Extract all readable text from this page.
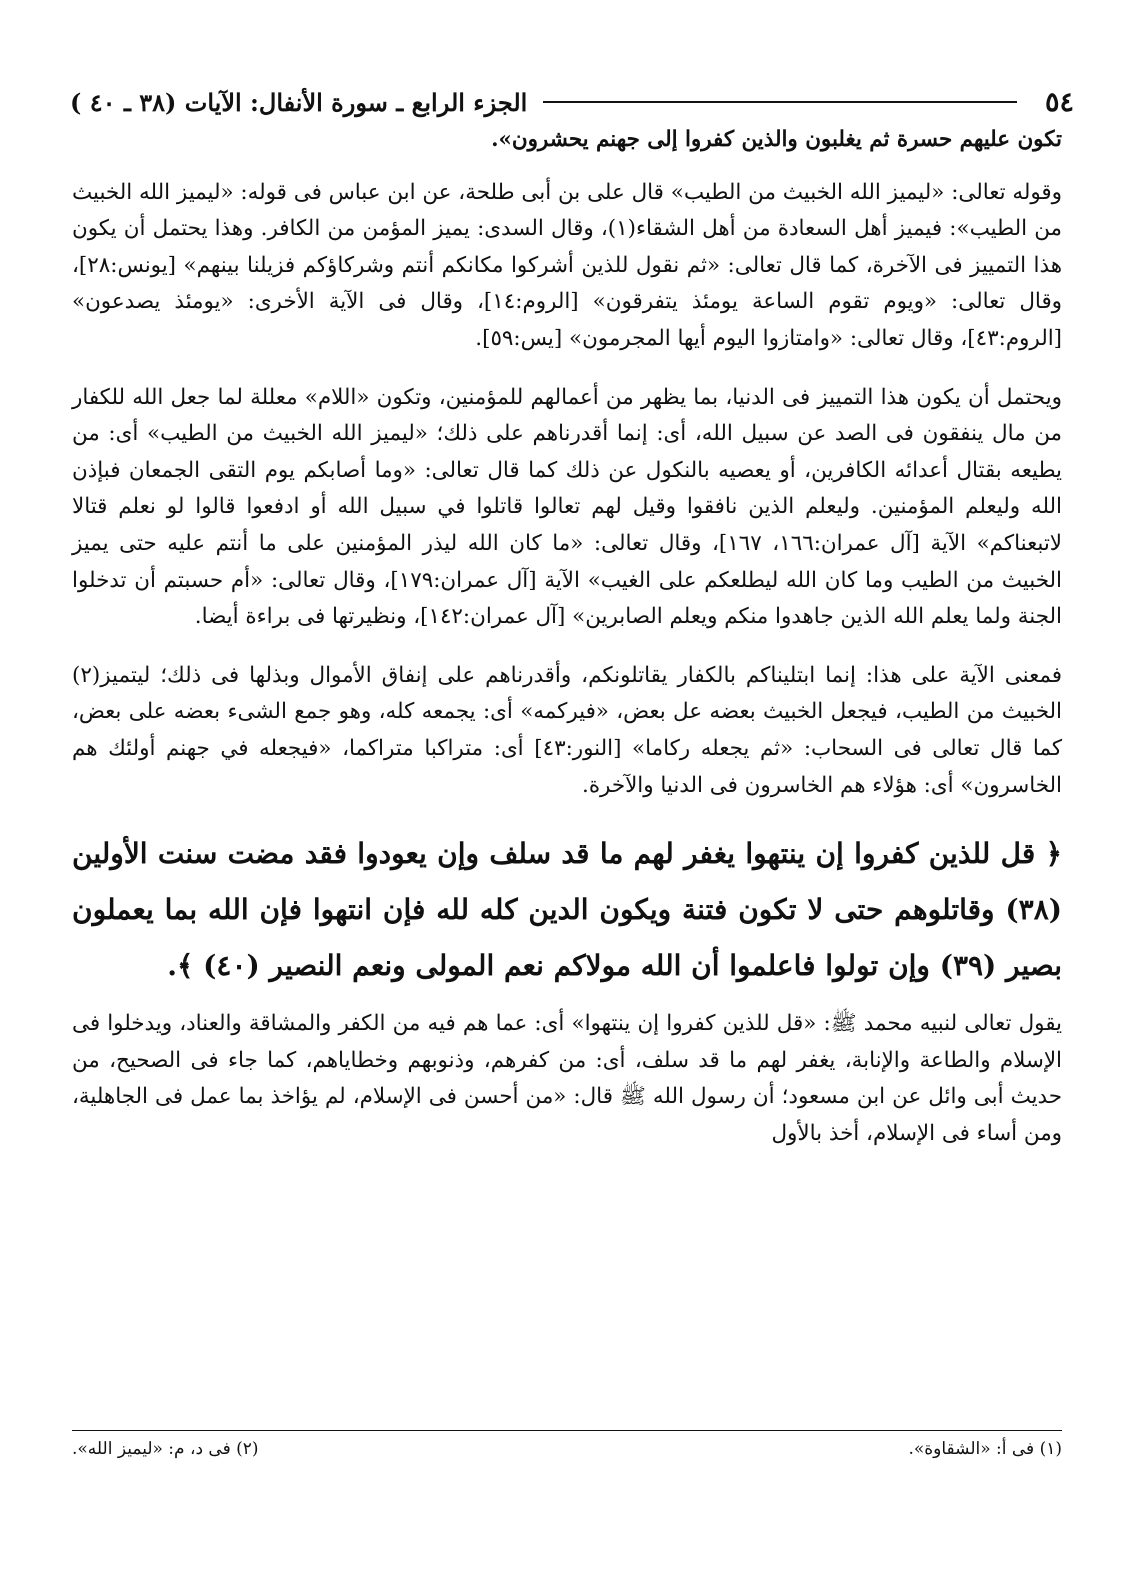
٥٤
الجزء الرابع ـ سورة الأنفال: الآيات (٣٨ ـ ٤٠ )

تكون عليهم حسرة ثم يغلبون والذين كفروا إلى جهنم يحشرون».

وقوله تعالى: «ليميز الله الخبيث من الطيب» قال على بن أبى طلحة، عن ابن عباس فى قوله: «ليميز الله الخبيث من الطيب»: فيميز أهل السعادة من أهل الشقاء(١)، وقال السدى: يميز المؤمن من الكافر. وهذا يحتمل أن يكون هذا التمييز فى الآخرة، كما قال تعالى: «ثم نقول للذين أشركوا مكانكم أنتم وشركاؤكم فزيلنا بينهم» [يونس:٢٨]، وقال تعالى: «ويوم تقوم الساعة يومئذ يتفرقون» [الروم:١٤]، وقال فى الآية الأخرى: «يومئذ يصدعون» [الروم:٤٣]، وقال تعالى: «وامتازوا اليوم أيها المجرمون» [يس:٥٩].

ويحتمل أن يكون هذا التمييز فى الدنيا، بما يظهر من أعمالهم للمؤمنين، وتكون «اللام» معللة لما جعل الله للكفار من مال ينفقون فى الصد عن سبيل الله، أى: إنما أقدرناهم على ذلك؛ «ليميز الله الخبيث من الطيب» أى: من يطيعه بقتال أعدائه الكافرين، أو يعصيه بالنكول عن ذلك كما قال تعالى: «وما أصابكم يوم التقى الجمعان فبإذن الله وليعلم المؤمنين. وليعلم الذين نافقوا وقيل لهم تعالوا قاتلوا في سبيل الله أو ادفعوا قالوا لو نعلم قتالا لاتبعناكم» الآية [آل عمران:١٦٦، ١٦٧]، وقال تعالى: «ما كان الله ليذر المؤمنين على ما أنتم عليه حتى يميز الخبيث من الطيب وما كان الله ليطلعكم على الغيب» الآية [آل عمران:١٧٩]، وقال تعالى: «أم حسبتم أن تدخلوا الجنة ولما يعلم الله الذين جاهدوا منكم ويعلم الصابرين» [آل عمران:١٤٢]، ونظيرتها فى براءة أيضا.

فمعنى الآية على هذا: إنما ابتليناكم بالكفار يقاتلونكم، وأقدرناهم على إنفاق الأموال وبذلها فى ذلك؛ ليتميز(٢) الخبيث من الطيب، فيجعل الخبيث بعضه عل بعض، «فيركمه» أى: يجمعه كله، وهو جمع الشىء بعضه على بعض، كما قال تعالى فى السحاب: «ثم يجعله ركاما» [النور:٤٣] أى: متراكبا متراكما، «فيجعله في جهنم أولئك هم الخاسرون» أى: هؤلاء هم الخاسرون فى الدنيا والآخرة.

﴿ قل للذين كفروا إن ينتهوا يغفر لهم ما قد سلف وإن يعودوا فقد مضت سنت الأولين (٣٨) وقاتلوهم حتى لا تكون فتنة ويكون الدين كله لله فإن انتهوا فإن الله بما يعملون بصير (٣٩) وإن تولوا فاعلموا أن الله مولاكم نعم المولى ونعم النصير (٤٠) ﴾.

يقول تعالى لنبيه محمد ﷺ: «قل للذين كفروا إن ينتهوا» أى: عما هم فيه من الكفر والمشاقة والعناد، ويدخلوا فى الإسلام والطاعة والإنابة، يغفر لهم ما قد سلف، أى: من كفرهم، وذنوبهم وخطاياهم، كما جاء فى الصحيح، من حديث أبى وائل عن ابن مسعود؛ أن رسول الله ﷺ قال: «من أحسن فى الإسلام، لم يؤاخذ بما عمل فى الجاهلية، ومن أساء فى الإسلام، أخذ بالأول

(١) فى أ: «الشقاوة».
(٢) فى د، م: «ليميز الله».
